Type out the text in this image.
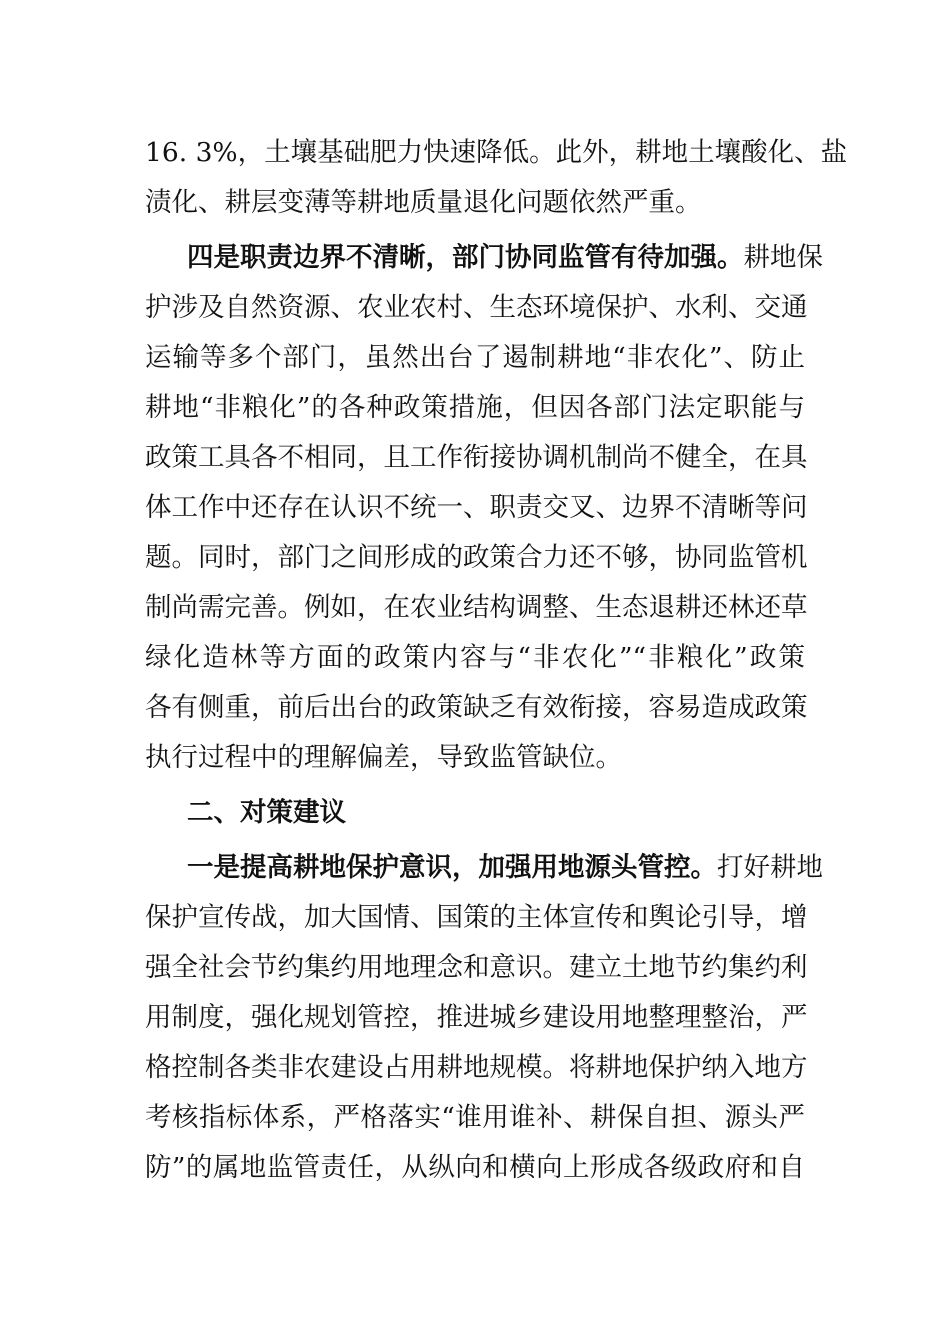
16. 3%，土壤基础肥力快速降低。此外，耕地土壤酸化、盐
渍化、耕层变薄等耕地质量退化问题依然严重。
四是职责边界不清晰，部门协同监管有待加强。耕地保
护涉及自然资源、农业农村、生态环境保护、水利、交通
运输等多个部门，虽然出台了遏制耕地“非农化”、防止
耕地“非粮化”的各种政策措施，但因各部门法定职能与
政策工具各不相同，且工作衔接协调机制尚不健全，在具
体工作中还存在认识不统一、职责交叉、边界不清晰等问
题。同时，部门之间形成的政策合力还不够，协同监管机
制尚需完善。例如，在农业结构调整、生态退耕还林还草
绿化造林等方面的政策内容与“非农化”“非粮化”政策
各有侧重，前后出台的政策缺乏有效衔接，容易造成政策
执行过程中的理解偏差，导致监管缺位。
二、对策建议
一是提高耕地保护意识，加强用地源头管控。打好耕地
保护宣传战，加大国情、国策的主体宣传和舆论引导，增
强全社会节约集约用地理念和意识。建立土地节约集约利
用制度，强化规划管控，推进城乡建设用地整理整治，严
格控制各类非农建设占用耕地规模。将耕地保护纳入地方
考核指标体系，严格落实“谁用谁补、耕保自担、源头严
防”的属地监管责任，从纵向和横向上形成各级政府和自
